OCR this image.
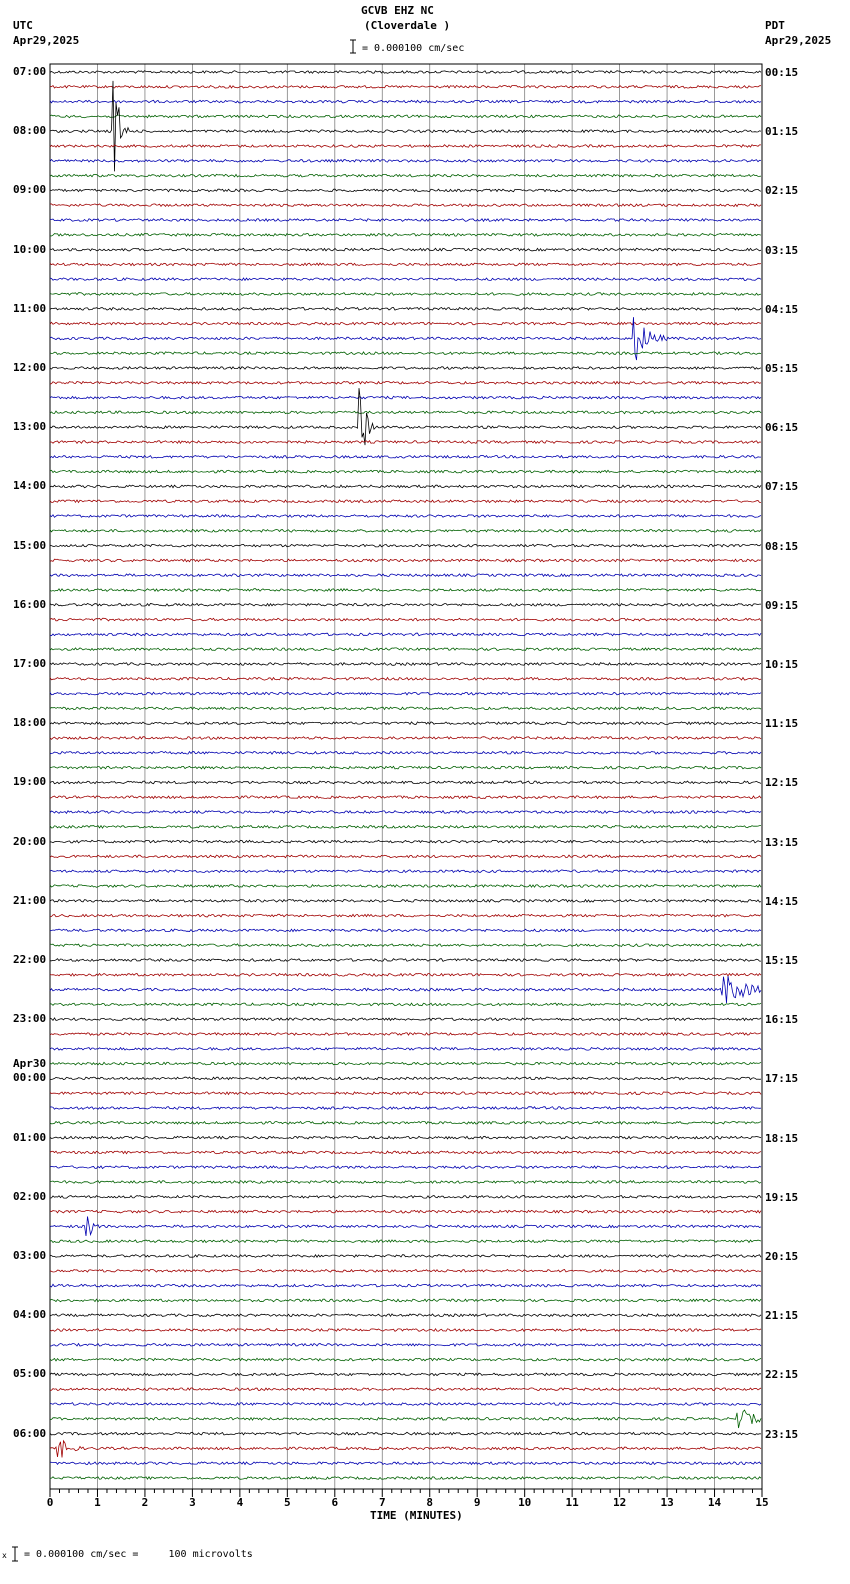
GCVB EHZ NC
(Cloverdale )
= 0.000100 cm/sec
UTC
Apr29,2025
PDT
Apr29,2025
07:00
08:00
09:00
10:00
11:00
12:00
13:00
14:00
15:00
16:00
17:00
18:00
19:00
20:00
21:00
22:00
23:00
Apr30
00:00
01:00
02:00
03:00
04:00
05:00
06:00
00:15
01:15
02:15
03:15
04:15
05:15
06:15
07:15
08:15
09:15
10:15
11:15
12:15
13:15
14:15
15:15
16:15
17:15
18:15
19:15
20:15
21:15
22:15
23:15
0	1	2	3	4	5	6	7	8	9	10	11	12	13	14	15
TIME (MINUTES)
x = 0.000100 cm/sec =     100 microvolts
